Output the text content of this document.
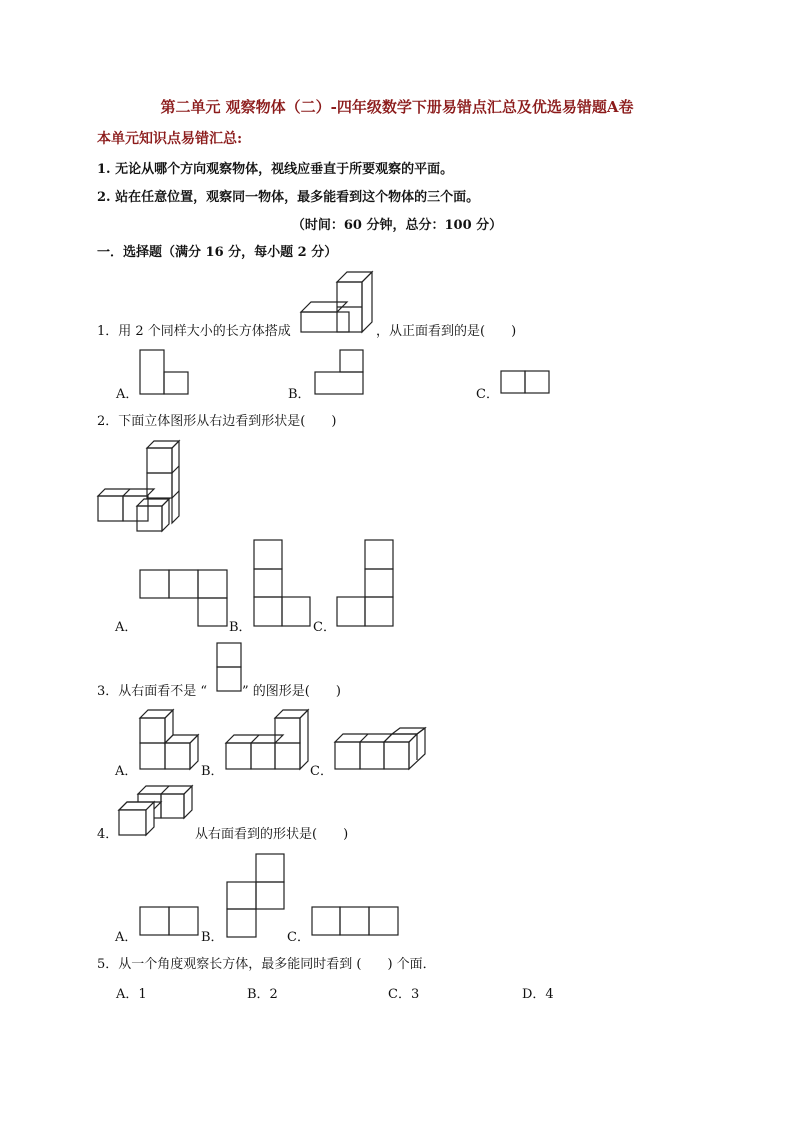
第二单元 观察物体（二）-四年级数学下册易错点汇总及优选易错题A卷
本单元知识点易错汇总:
1. 无论从哪个方向观察物体，视线应垂直于所要观察的平面。
2. 站在任意位置，观察同一物体，最多能看到这个物体的三个面。
（时间：60 分钟，总分：100 分）
一．选择题（满分 16 分，每小题 2 分）
1．用 2 个同样大小的长方体搭成	，从正面看到的是(　　)
A．	B．	C．
2．下面立体图形从右边看到形状是(　　)
A．	B．	C．
3．从右面看不是 “	” 的图形是(　　)
A．	B．	C．
4．	从右面看到的形状是(　　)
A．	B．	C．
5．从一个角度观察长方体，最多能同时看到 (　　) 个面．
A．1	B．2	C．3	D．4
